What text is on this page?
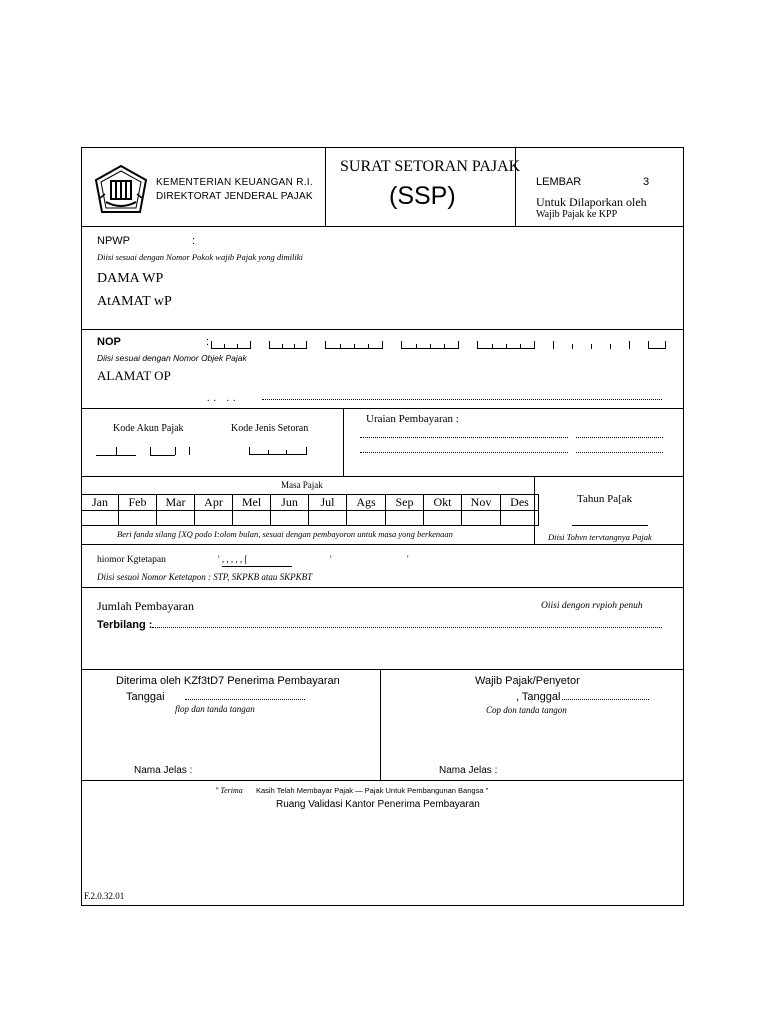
KEMENTERIAN KEUANGAN R.I.
DIREKTORAT JENDERAL PAJAK
SURAT SETORAN PAJAK
(SSP)	LEMBAR	3
Untuk Dilaporkan oleh
Wajib Pajak ke KPP
NPWP	:
Diisi sesuai dengan Nomor Pokok wajib Pajak yong dimiliki
DAMA WP
AtAMAT wP
NOP	:
Diisi sesuai dengan Nomor Objek Pajak
ALAMAT OP
.. ..
Kode Akun Pajak	Kode Jenis Setoran
Uraian Pembayaran :
Masa Pajak
Jan	Feb	Mar	Apr	Mel	Jun	Jul	Ags	Sep	Okt	Nov	Des

Beri fanda silang [XQ podo I:olom bulan, sesuai dengan pembayoron untuk masa yong berkenaan
Tahun Pa[ak
Diisi Tohvn tervtangnya Pajak
hiomor Kgtetapan	' , , , , , [	'	'
Diisi sesuoi Nomor Ketetapon : STP, SKPKB atau SKPKBT
Jumlah Pembayaran	Oiisi dengon rvpioh penuh
Terbilang :
Diterima oleh KZf3tD7 Penerima Pembayaran
Tanggai
flop dan tanda tangan
Nama Jelas :
Wajib Pajak/Penyetor
, Tanggal
Cop don tanda tangon
Nama Jelas :
" Terima Kasih Telah Membayar Pajak — Pajak Untuk Pembangunan Bangsa "
Ruang Validasi Kantor Penerima Pembayaran
F.2.0.32.01
